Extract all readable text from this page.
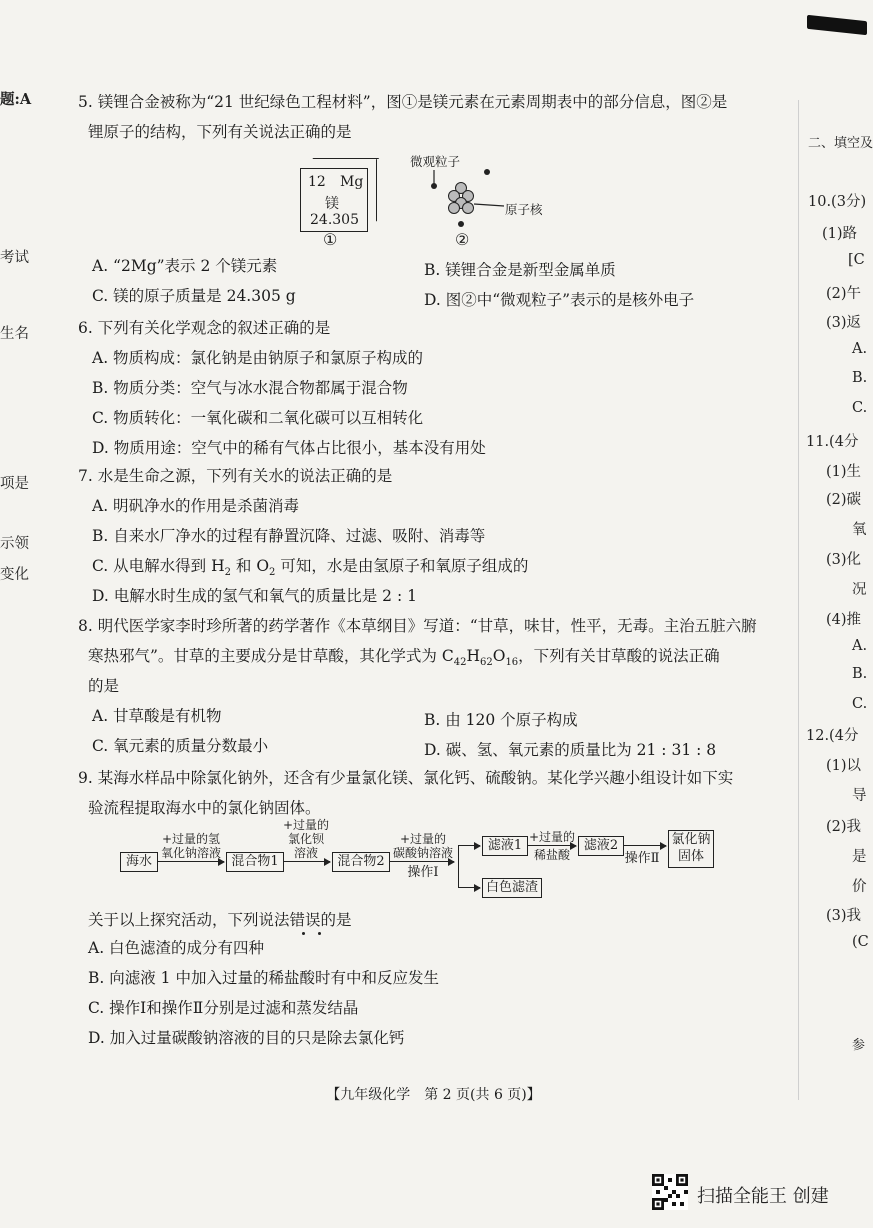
题:A
考试
生名
项是
示领
变化
二、填空及
10.(3分)
(1)路
[C
(2)午
(3)返
A.
B.
C.
11.(4分
(1)生
(2)碳
氧
(3)化
况
(4)推
A.
B.
C.
12.(4分
(1)以
导
(2)我
是
价
(3)我
(C
参
5. 镁锂合金被称为“21 世纪绿色工程材料”，图①是镁元素在元素周期表中的部分信息，图②是
锂原子的结构，下列有关说法正确的是
12 Mg
镁
24.305
①
微观粒子
原子核
②
A. “2Mg”表示 2 个镁元素	B. 镁锂合金是新型金属单质
C. 镁的原子质量是 24.305 g	D. 图②中“微观粒子”表示的是核外电子
6. 下列有关化学观念的叙述正确的是
A. 物质构成：氯化钠是由钠原子和氯原子构成的
B. 物质分类：空气与冰水混合物都属于混合物
C. 物质转化：一氧化碳和二氧化碳可以互相转化
D. 物质用途：空气中的稀有气体占比很小，基本没有用处
7. 水是生命之源，下列有关水的说法正确的是
A. 明矾净水的作用是杀菌消毒
B. 自来水厂净水的过程有静置沉降、过滤、吸附、消毒等
C. 从电解水得到 $H_2$ 和 $O_2$ 可知，水是由氢原子和氧原子组成的
D. 电解水时生成的氢气和氧气的质量比是 2 : 1
8. 明代医学家李时珍所著的药学著作《本草纲目》写道：“甘草，味甘，性平，无毒。主治五脏六腑
寒热邪气”。甘草的主要成分是甘草酸，其化学式为 $C_{42}H_{62}O_{16}$，下列有关甘草酸的说法正确
的是
A. 甘草酸是有机物	B. 由 120 个原子构成
C. 氧元素的质量分数最小	D. 碳、氢、氧元素的质量比为 21 : 31 : 8
9. 某海水样品中除氯化钠外，还含有少量氯化镁、氯化钙、硫酸钠。某化学兴趣小组设计如下实
验流程提取海水中的氯化钠固体。
海水
+过量的氢
氧化钠溶液
混合物1
+过量的
氯化钡
溶液
混合物2
+过量的
碳酸钠溶液
操作Ⅰ
滤液1
白色滤渣
+过量的
稀盐酸
滤液2
操作Ⅱ
氯化钠
固体
关于以上探究活动，下列说法错误的是
A. 白色滤渣的成分有四种
B. 向滤液 1 中加入过量的稀盐酸时有中和反应发生
C. 操作Ⅰ和操作Ⅱ分别是过滤和蒸发结晶
D. 加入过量碳酸钠溶液的目的只是除去氯化钙
【九年级化学　第 2 页(共 6 页)】
扫描全能王 创建
